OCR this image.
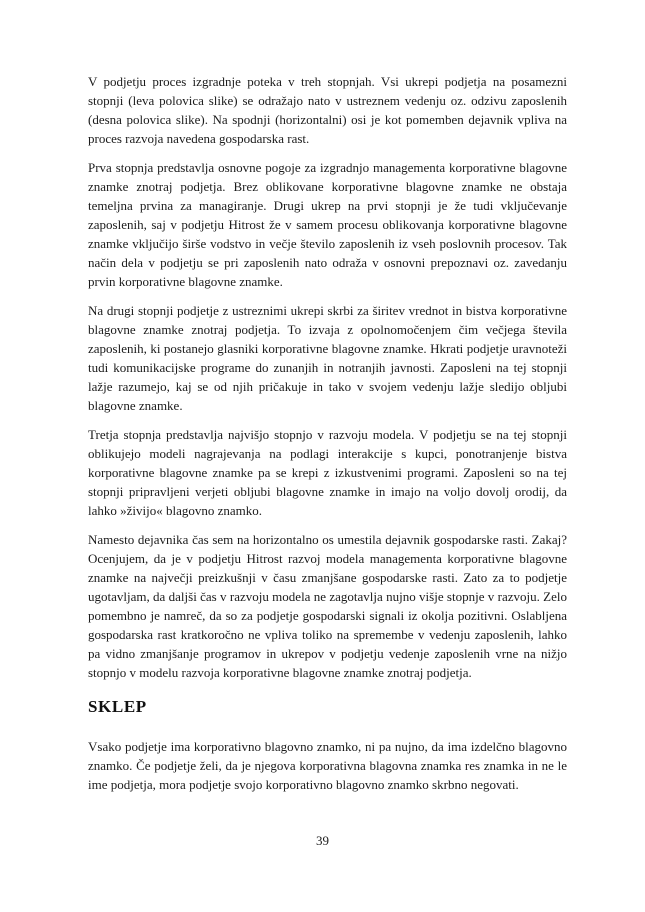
V podjetju proces izgradnje poteka v treh stopnjah. Vsi ukrepi podjetja na posamezni stopnji (leva polovica slike) se odražajo nato v ustreznem vedenju oz. odzivu zaposlenih (desna polovica slike). Na spodnji (horizontalni) osi je kot pomemben dejavnik vpliva na proces razvoja navedena gospodarska rast.

Prva stopnja predstavlja osnovne pogoje za izgradnjo managementa korporativne blagovne znamke znotraj podjetja. Brez oblikovane korporativne blagovne znamke ne obstaja temeljna prvina za managiranje. Drugi ukrep na prvi stopnji je že tudi vključevanje zaposlenih, saj v podjetju Hitrost že v samem procesu oblikovanja korporativne blagovne znamke vključijo širše vodstvo in večje število zaposlenih iz vseh poslovnih procesov. Tak način dela v podjetju se pri zaposlenih nato odraža v osnovni prepoznavi oz. zavedanju prvin korporativne blagovne znamke.

Na drugi stopnji podjetje z ustreznimi ukrepi skrbi za širitev vrednot in bistva korporativne blagovne znamke znotraj podjetja. To izvaja z opolnomočenjem čim večjega števila zaposlenih, ki postanejo glasniki korporativne blagovne znamke. Hkrati podjetje uravnoteži tudi komunikacijske programe do zunanjih in notranjih javnosti. Zaposleni na tej stopnji lažje razumejo, kaj se od njih pričakuje in tako v svojem vedenju lažje sledijo obljubi blagovne znamke.

Tretja stopnja predstavlja najvišjo stopnjo v razvoju modela. V podjetju se na tej stopnji oblikujejo modeli nagrajevanja na podlagi interakcije s kupci, ponotranjenje bistva korporativne blagovne znamke pa se krepi z izkustvenimi programi. Zaposleni so na tej stopnji pripravljeni verjeti obljubi blagovne znamke in imajo na voljo dovolj orodij, da lahko »živijo« blagovno znamko.

Namesto dejavnika čas sem na horizontalno os umestila dejavnik gospodarske rasti. Zakaj? Ocenjujem, da je v podjetju Hitrost razvoj modela managementa korporativne blagovne znamke na največji preizkušnji v času zmanjšane gospodarske rasti. Zato za to podjetje ugotavljam, da daljši čas v razvoju modela ne zagotavlja nujno višje stopnje v razvoju. Zelo pomembno je namreč, da so za podjetje gospodarski signali iz okolja pozitivni. Oslabljena gospodarska rast kratkoročno ne vpliva toliko na spremembe v vedenju zaposlenih, lahko pa vidno zmanjšanje programov in ukrepov v podjetju vedenje zaposlenih vrne na nižjo stopnjo v modelu razvoja korporativne blagovne znamke znotraj podjetja.

SKLEP

Vsako podjetje ima korporativno blagovno znamko, ni pa nujno, da ima izdelčno blagovno znamko. Če podjetje želi, da je njegova korporativna blagovna znamka res znamka in ne le ime podjetja, mora podjetje svojo korporativno blagovno znamko skrbno negovati.

39
